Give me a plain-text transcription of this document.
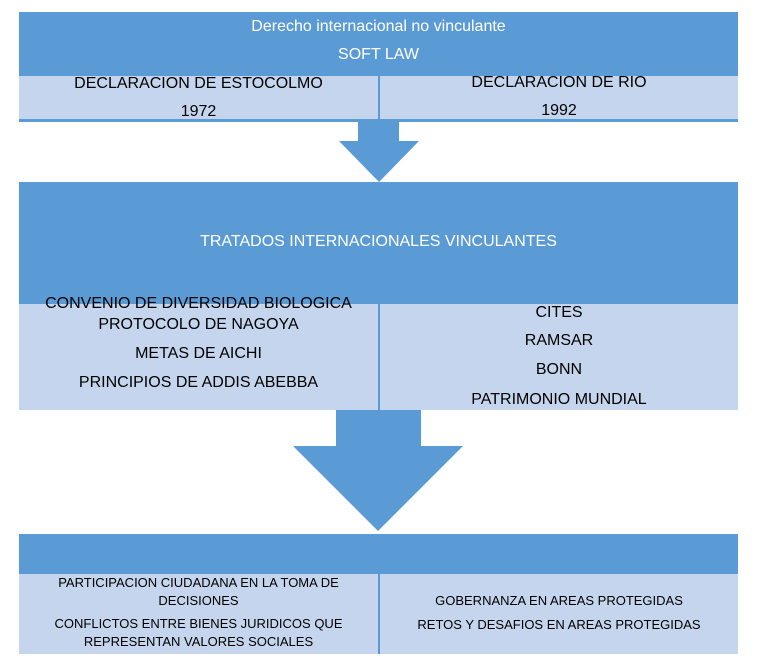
Derecho internacional no vinculante
SOFT LAW
DECLARACION DE ESTOCOLMO
1972
DECLARACION DE RIO
1992
TRATADOS INTERNACIONALES VINCULANTES
CONVENIO DE DIVERSIDAD BIOLOGICA
PROTOCOLO DE NAGOYA
METAS DE AICHI
PRINCIPIOS DE ADDIS ABEBBA
CITES
RAMSAR
BONN
PATRIMONIO MUNDIAL
PARTICIPACION CIUDADANA EN LA TOMA DE
DECISIONES
CONFLICTOS ENTRE BIENES JURIDICOS QUE
REPRESENTAN VALORES SOCIALES
GOBERNANZA EN AREAS PROTEGIDAS
RETOS Y DESAFIOS EN AREAS PROTEGIDAS
